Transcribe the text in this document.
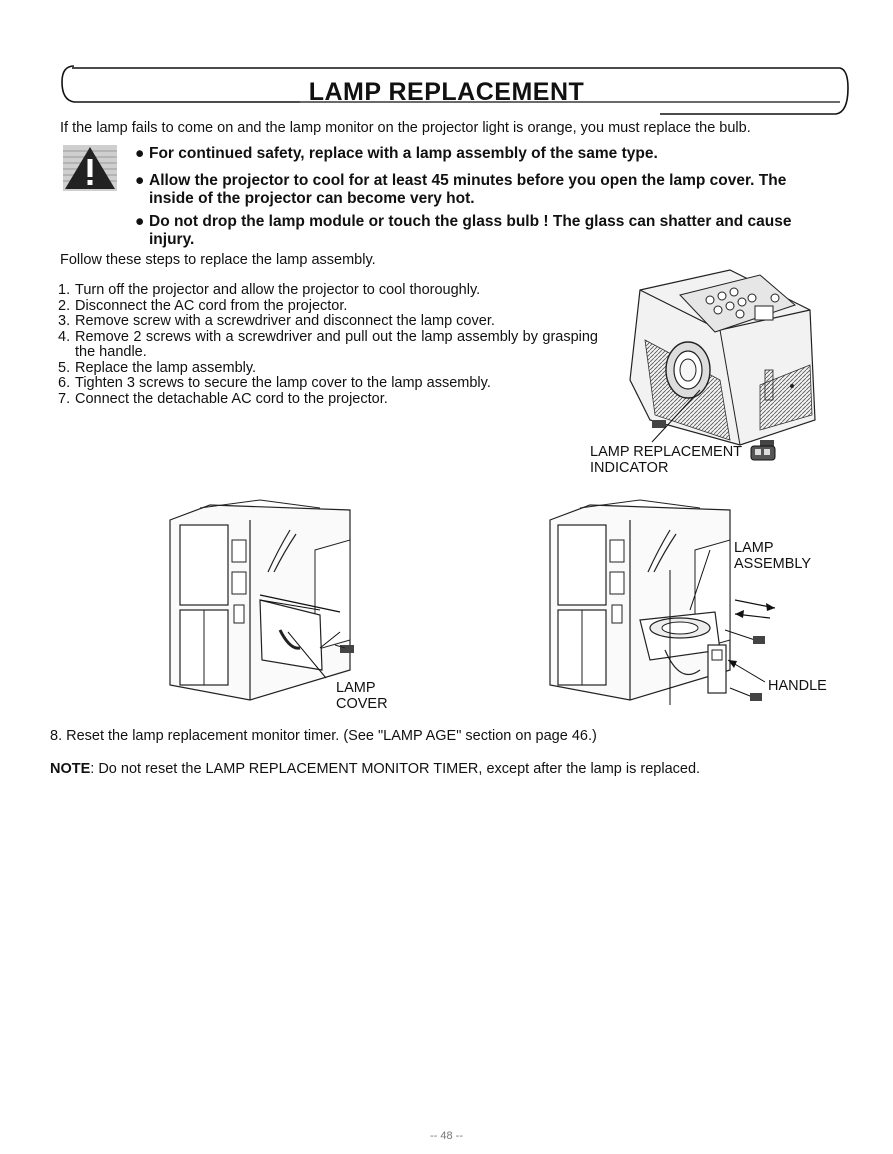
LAMP REPLACEMENT
If the lamp fails to come on and the lamp monitor on the projector light is orange, you must replace the bulb.
● For continued safety, replace with a lamp assembly of the same type.
● Allow the projector to cool for at least 45 minutes before you open the lamp cover. The inside of the projector can become very hot.
● Do not drop the lamp module or touch the glass bulb ! The glass can shatter and cause injury.
Follow these steps to replace the lamp assembly.
1. Turn off the projector and allow the projector to cool thoroughly.
2. Disconnect the AC cord from the projector.
3. Remove screw with a screwdriver and disconnect the lamp cover.
4. Remove 2 screws with a screwdriver and pull out the lamp assembly by grasping the handle.
5. Replace the lamp assembly.
6. Tighten 3 screws to secure the lamp cover to the lamp assembly.
7. Connect the detachable AC cord to the projector.
LAMP REPLACEMENT
INDICATOR
LAMP
COVER
LAMP
ASSEMBLY
HANDLE
8. Reset the lamp replacement monitor timer. (See "LAMP AGE" section on page 46.)
NOTE: Do not reset the LAMP REPLACEMENT MONITOR TIMER, except after the lamp is replaced.
-- 48 --
